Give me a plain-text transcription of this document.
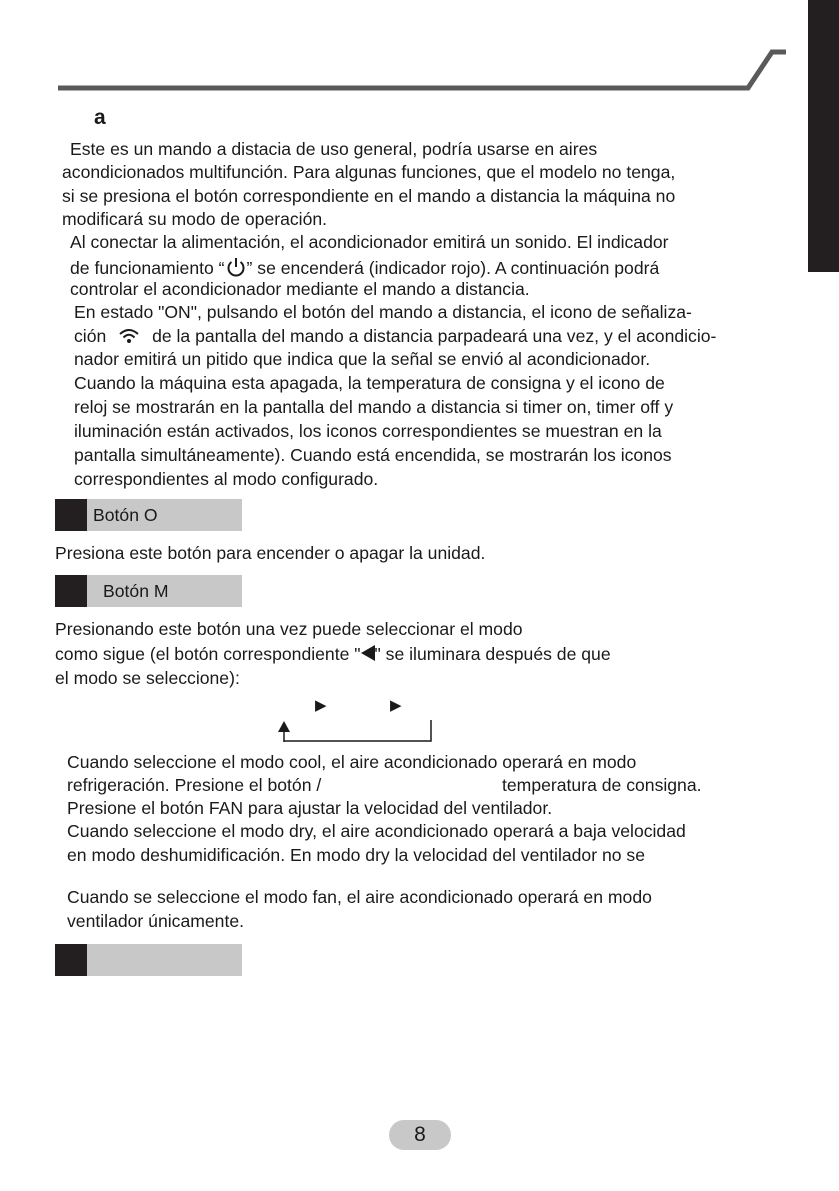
a
Este es un mando a distacia de uso general, podría usarse en aires
acondicionados multifunción. Para algunas funciones, que el modelo no tenga,
si se presiona el botón correspondiente en el mando a distancia la máquina no
modificará su modo de operación.
Al conectar la alimentación, el acondicionador emitirá un sonido. El indicador
de funcionamiento “ ” se encenderá (indicador rojo). A continuación podrá
controlar el acondicionador mediante el mando a distancia.
En estado "ON", pulsando el botón del mando a distancia, el icono de señaliza-
ción	de la pantalla del mando a distancia parpadeará una vez, y el acondicio-
nador emitirá un pitido que indica que la señal se envió al acondicionador.
Cuando la máquina esta apagada, la temperatura de consigna y el icono de
reloj se mostrarán en la pantalla del mando a distancia si timer on, timer off y
iluminación están activados, los iconos correspondientes se muestran en la
pantalla simultáneamente). Cuando está encendida, se mostrarán los iconos
correspondientes al modo configurado.
Botón O
Presiona este botón para encender o apagar la unidad.
Botón M
Presionando este botón una vez puede seleccionar el modo
como sigue (el botón correspondiente " " se iluminara después de que
el modo se seleccione):
▶	▶
Cuando seleccione el modo cool, el aire acondicionado operará en modo
refrigeración. Presione el botón /	temperatura de consigna.
Presione el botón FAN para ajustar la velocidad del ventilador.
Cuando seleccione el modo dry, el aire acondicionado operará a baja velocidad
en modo deshumidificación. En modo dry la velocidad del ventilador no se
Cuando se seleccione el modo fan, el aire acondicionado operará en modo
ventilador únicamente.
8
